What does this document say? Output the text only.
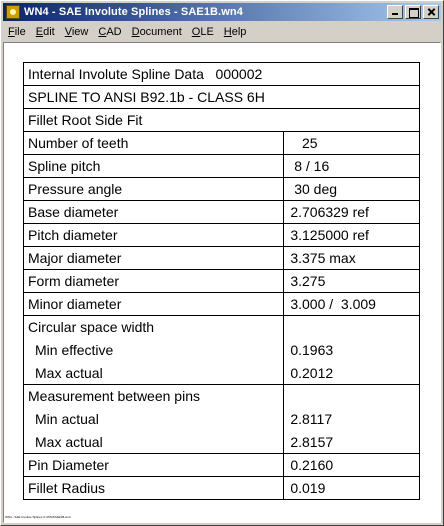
WN4 - SAE Involute Splines - SAE1B.wn4
File Edit View CAD Document OLE Help
Internal Involute Spline Data   000002	
SPLINE TO ANSI B92.1b - CLASS 6H	
Fillet Root Side Fit	
Number of teeth	25
Spline pitch	8 / 16
Pressure angle	30 deg
Base diameter	2.706329 ref
Pitch diameter	3.125000 ref
Major diameter	3.375 max
Form diameter	3.275
Minor diameter	3.000 /  3.009
Circular space width	
Min effective	0.1963
Max actual	0.2012
Measurement between pins	
Min actual	2.8117
Max actual	2.8157
Pin Diameter	0.2160
Fillet Radius	0.019
WN4 - SAE Involute Splines C:\WN4\SAE1B.wn4
